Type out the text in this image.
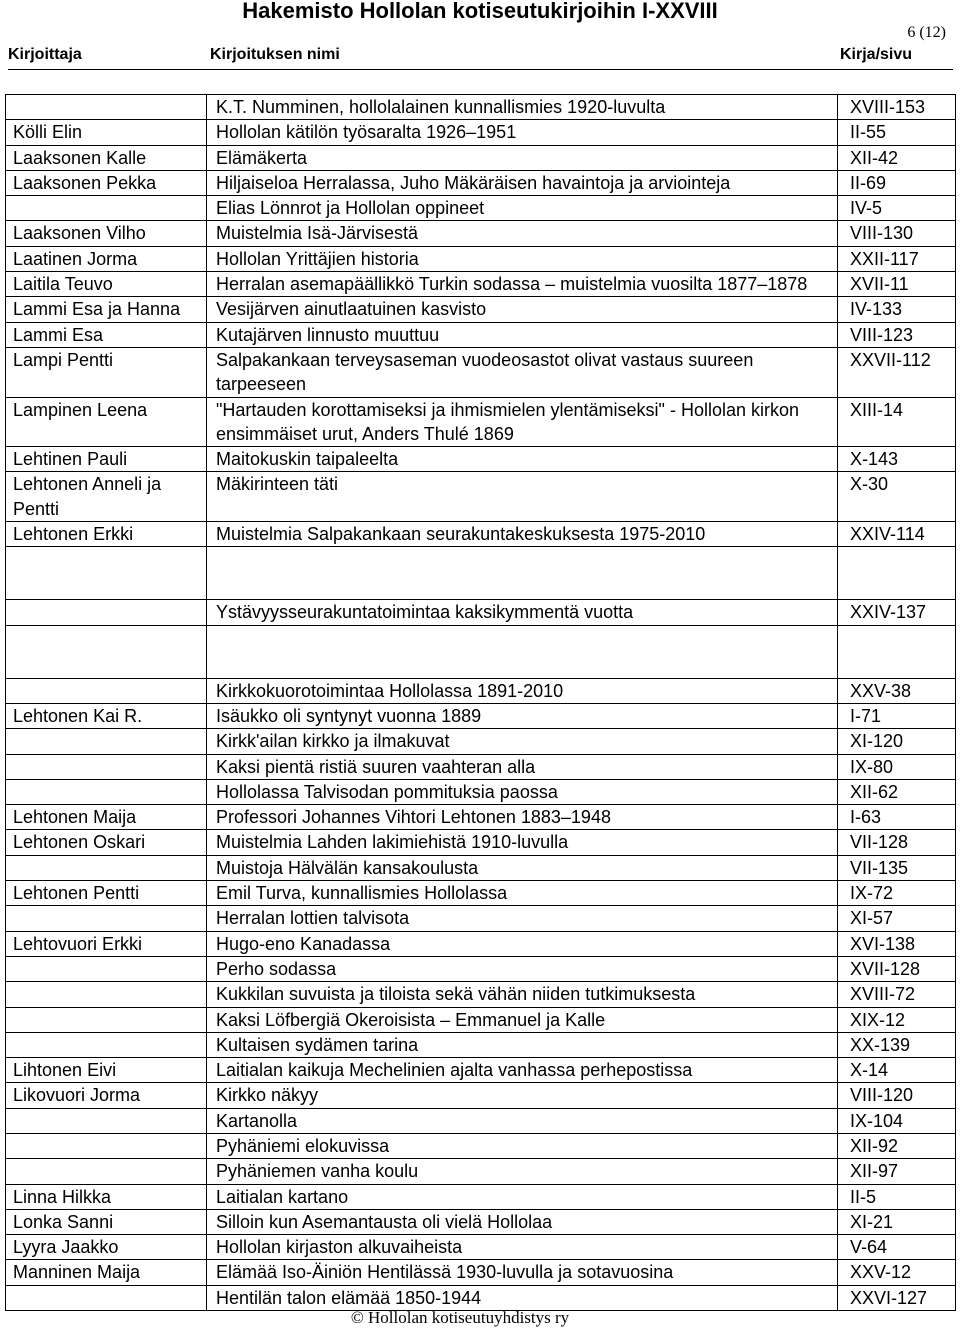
Hakemisto Hollolan kotiseutukirjoihin I-XXVIII
6 (12)
Kirjoittaja	Kirjoituksen nimi	Kirja/sivu
	K.T. Numminen, hollolalainen kunnallismies 1920-luvulta	XVIII-153
Kölli Elin	Hollolan kätilön työsaralta 1926–1951	II-55
Laaksonen Kalle	Elämäkerta	XII-42
Laaksonen Pekka	Hiljaiseloa Herralassa, Juho Mäkäräisen havaintoja ja arviointeja	II-69
	Elias Lönnrot ja Hollolan oppineet	IV-5
Laaksonen Vilho	Muistelmia Isä-Järvisestä	VIII-130
Laatinen Jorma	Hollolan Yrittäjien historia	XXII-117
Laitila Teuvo	Herralan asemapäällikkö Turkin sodassa – muistelmia vuosilta 1877–1878	XVII-11
Lammi Esa ja Hanna	Vesijärven ainutlaatuinen kasvisto	IV-133
Lammi Esa	Kutajärven linnusto muuttuu	VIII-123
Lampi Pentti	Salpakankaan terveysaseman vuodeosastot olivat vastaus suureen tarpeeseen	XXVII-112
Lampinen Leena	"Hartauden korottamiseksi ja ihmismielen ylentämiseksi" - Hollolan kirkon ensimmäiset urut, Anders Thulé 1869	XIII-14
Lehtinen Pauli	Maitokuskin taipaleelta	X-143
Lehtonen Anneli ja Pentti	Mäkirinteen täti	X-30
Lehtonen Erkki	Muistelmia Salpakankaan seurakuntakeskuksesta 1975-2010	XXIV-114

	Ystävyysseurakuntatoimintaa kaksikymmentä vuotta	XXIV-137

	Kirkkokuorotoimintaa Hollolassa 1891-2010	XXV-38
Lehtonen Kai R.	Isäukko oli syntynyt vuonna 1889	I-71
	Kirkk'ailan kirkko ja ilmakuvat	XI-120
	Kaksi pientä ristiä suuren vaahteran alla	IX-80
	Hollolassa Talvisodan pommituksia paossa	XII-62
Lehtonen Maija	Professori Johannes Vihtori Lehtonen 1883–1948	I-63
Lehtonen Oskari	Muistelmia Lahden lakimiehistä 1910-luvulla	VII-128
	Muistoja Hälvälän kansakoulusta	VII-135
Lehtonen Pentti	Emil Turva, kunnallismies Hollolassa	IX-72
	Herralan lottien talvisota	XI-57
Lehtovuori Erkki	Hugo-eno Kanadassa	XVI-138
	Perho sodassa	XVII-128
	Kukkilan suvuista ja tiloista sekä vähän niiden tutkimuksesta	XVIII-72
	Kaksi Löfbergiä Okeroisista – Emmanuel ja Kalle	XIX-12
	Kultaisen sydämen tarina	XX-139
Lihtonen Eivi	Laitialan kaikuja Mechelinien ajalta vanhassa perhepostissa	X-14
Likovuori Jorma	Kirkko näkyy	VIII-120
	Kartanolla	IX-104
	Pyhäniemi elokuvissa	XII-92
	Pyhäniemen vanha koulu	XII-97
Linna Hilkka	Laitialan kartano	II-5
Lonka Sanni	Silloin kun Asemantausta oli vielä Hollolaa	XI-21
Lyyra Jaakko	Hollolan kirjaston alkuvaiheista	V-64
Manninen Maija	Elämää Iso-Äiniön Hentilässä 1930-luvulla ja sotavuosina	XXV-12
	Hentilän talon elämää 1850-1944	XXVI-127
© Hollolan kotiseutuyhdistys ry
